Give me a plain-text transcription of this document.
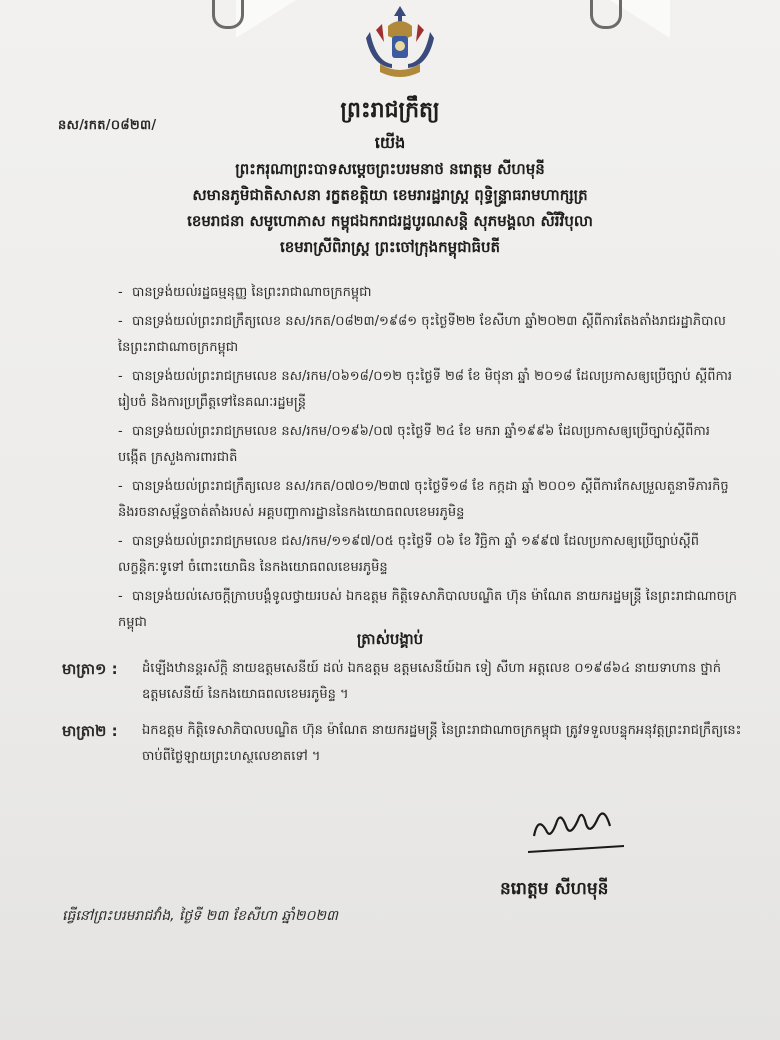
នស/រកត/០៨២៣/
ព្រះរាជក្រឹត្យ
យើង
ព្រះករុណាព្រះបាទសម្ដេចព្រះបរមនាថ នរោត្ដម សីហមុនី
សមានភូមិជាតិសាសនា រក្ខតខត្តិយា ខេមរារដ្ឋរាស្ដ្រ ពុទ្ធិន្ទ្រាធរាមហាក្សត្រ
ខេមរាជនា សមូហោភាស កម្ពុជឯករាជរដ្ឋបូរណសន្ដិ សុភមង្គលា សិរីវិបុលា
ខេមរាស្រីពិរាស្ដ្រ ព្រះចៅក្រុងកម្ពុជាធិបតី
- បានទ្រង់យល់រដ្ឋធម្មនុញ្ញ នៃព្រះរាជាណាចក្រកម្ពុជា
- បានទ្រង់យល់ព្រះរាជក្រឹត្យលេខ នស/រកត/០៨២៣/១៩៨១ ចុះថ្ងៃទី២២ ខែសីហា ឆ្នាំ២០២៣ ស្ដីពីការតែងតាំងរាជរដ្ឋាភិបាល នៃព្រះរាជាណាចក្រកម្ពុជា
- បានទ្រង់យល់ព្រះរាជក្រមលេខ នស/រកម/០៦១៨/០១២ ចុះថ្ងៃទី ២៨ ខែ មិថុនា ឆ្នាំ ២០១៨ ដែលប្រកាសឲ្យប្រើច្បាប់ ស្ដីពីការរៀបចំ និងការប្រព្រឹត្តទៅនៃគណៈរដ្ឋមន្ត្រី
- បានទ្រង់យល់ព្រះរាជក្រមលេខ នស/រកម/០១៩៦/០៧ ចុះថ្ងៃទី ២៤ ខែ មករា ឆ្នាំ១៩៩៦ ដែលប្រកាសឲ្យប្រើច្បាប់ស្ដីពីការបង្កើត ក្រសួងការពារជាតិ
- បានទ្រង់យល់ព្រះរាជក្រឹត្យលេខ នស/រកត/០៧០១/២៣៧ ចុះថ្ងៃទី១៨ ខែ កក្កដា ឆ្នាំ ២០០១ ស្ដីពីការកែសម្រួលតួនាទីភារកិច្ចនិងរចនាសម្ព័ន្ធចាត់តាំងរបស់ អគ្គបញ្ជាការដ្ឋាននៃកងយោធពលខេមរភូមិន្ទ
- បានទ្រង់យល់ព្រះរាជក្រមលេខ ជស/រកម/១១៩៧/០៥ ចុះថ្ងៃទី ០៦ ខែ វិច្ឆិកា ឆ្នាំ ១៩៩៧ ដែលប្រកាសឲ្យប្រើច្បាប់ស្ដីពីលក្ខន្តិកៈទូទៅ ចំពោះយោធិន នៃកងយោធពលខេមរភូមិន្ទ
- បានទ្រង់យល់សេចក្ដីក្រាបបង្គំទូលថ្វាយរបស់ ឯកឧត្ដម កិត្តិទេសាភិបាលបណ្ឌិត ហ៊ុន ម៉ាណែត នាយករដ្ឋមន្ត្រី នៃព្រះរាជាណាចក្រកម្ពុជា
ត្រាស់បង្គាប់
មាត្រា១ : ដំឡើងឋានន្តរស័ក្ដិ នាយឧត្ដមសេនីយ៍ ដល់ ឯកឧត្ដម ឧត្ដមសេនីយ៍ឯក ទៀ សីហា អត្តលេខ ០១៩៨៦៤ នាយទាហាន ថ្នាក់ឧត្ដមសេនីយ៍ នៃកងយោធពលខេមរភូមិន្ទ ។
មាត្រា២ : ឯកឧត្ដម កិត្តិទេសាភិបាលបណ្ឌិត ហ៊ុន ម៉ាណែត នាយករដ្ឋមន្ត្រី នៃព្រះរាជាណាចក្រកម្ពុជា ត្រូវទទួលបន្ទុកអនុវត្តព្រះរាជក្រឹត្យនេះ ចាប់ពីថ្ងៃឡាយព្រះហស្ថលេខាតទៅ ។
នរោត្តម សីហមុនី
ធ្វើនៅព្រះបរមរាជវាំង, ថ្ងៃទី ២៣ ខែសីហា ឆ្នាំ២០២៣
